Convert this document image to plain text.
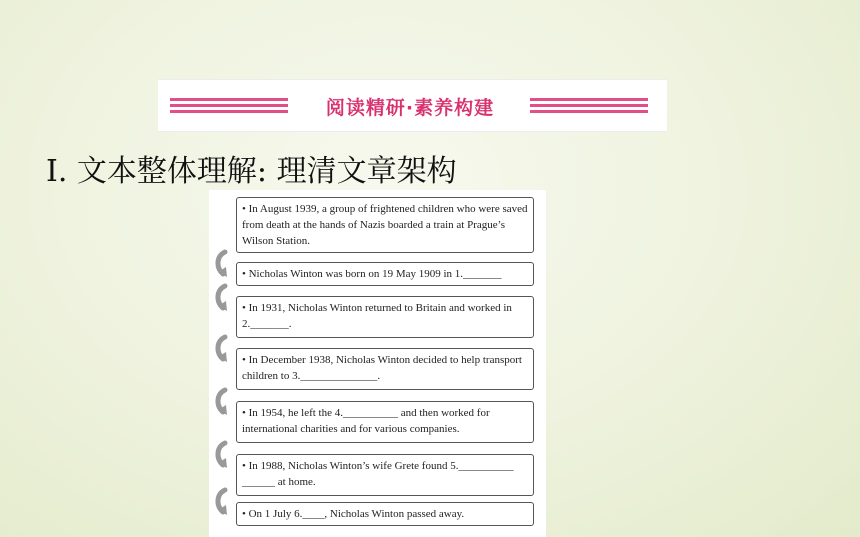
阅读精研·素养构建
Ⅰ. 文本整体理解: 理清文章架构
• In August 1939, a group of frightened children who were saved from death at the hands of Nazis boarded a train at Prague’s Wilson Station.
• Nicholas Winton was born on 19 May 1909 in 1._______
• In 1931, Nicholas Winton returned to Britain and worked in 2._______.
• In December 1938, Nicholas Winton decided to help transport children to 3.______________.
• In 1954, he left the 4.__________ and then worked for international charities and for various companies.
• In 1988, Nicholas Winton’s wife Grete found 5.__________ ______ at home.
• On 1 July 6.____, Nicholas Winton passed away.
